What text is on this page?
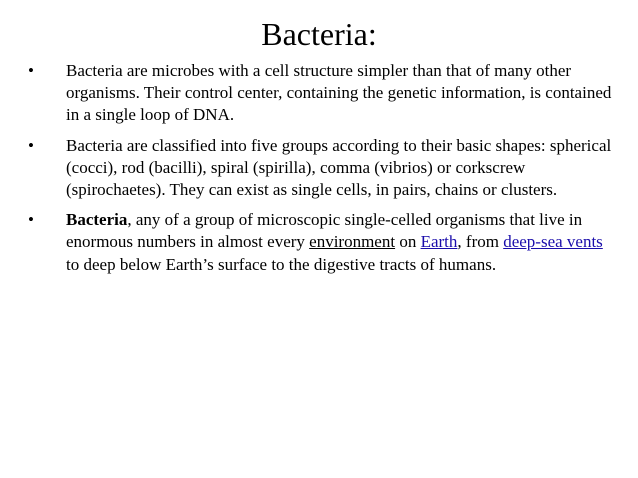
Bacteria:
•	Bacteria are microbes with a cell structure simpler than that of many other organisms. Their control center, containing the genetic information, is contained in a single loop of DNA.
•	Bacteria are classified into five groups according to their basic shapes: spherical (cocci), rod (bacilli), spiral (spirilla), comma (vibrios) or corkscrew (spirochaetes). They can exist as single cells, in pairs, chains or clusters.
•	Bacteria, any of a group of microscopic single-celled organisms that live in enormous numbers in almost every environment on Earth, from deep-sea vents to deep below Earth’s surface to the digestive tracts of humans.
